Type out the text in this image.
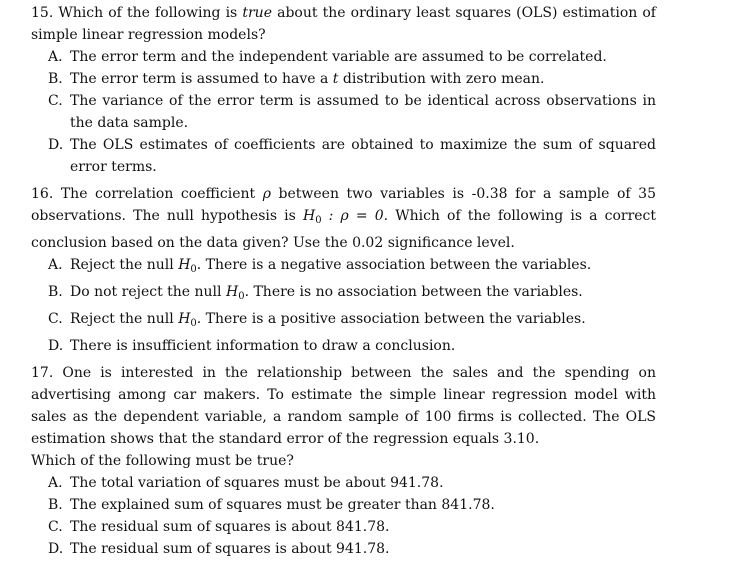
15. Which of the following is true about the ordinary least squares (OLS) estimation of simple linear regression models?

A. The error term and the independent variable are assumed to be correlated.
B. The error term is assumed to have a t distribution with zero mean.
C. The variance of the error term is assumed to be identical across observations in the data sample.
D. The OLS estimates of coefficients are obtained to maximize the sum of squared error terms.

16. The correlation coefficient ρ between two variables is -0.38 for a sample of 35 observations. The null hypothesis is $H_0$ : ρ = 0. Which of the following is a correct conclusion based on the data given? Use the 0.02 significance level.

A. Reject the null $H_0$. There is a negative association between the variables.
B. Do not reject the null $H_0$. There is no association between the variables.
C. Reject the null $H_0$. There is a positive association between the variables.
D. There is insufficient information to draw a conclusion.

17. One is interested in the relationship between the sales and the spending on advertising among car makers. To estimate the simple linear regression model with sales as the dependent variable, a random sample of 100 firms is collected. The OLS estimation shows that the standard error of the regression equals 3.10.

Which of the following must be true?

A. The total variation of squares must be about 941.78.
B. The explained sum of squares must be greater than 841.78.
C. The residual sum of squares is about 841.78.
D. The residual sum of squares is about 941.78.
